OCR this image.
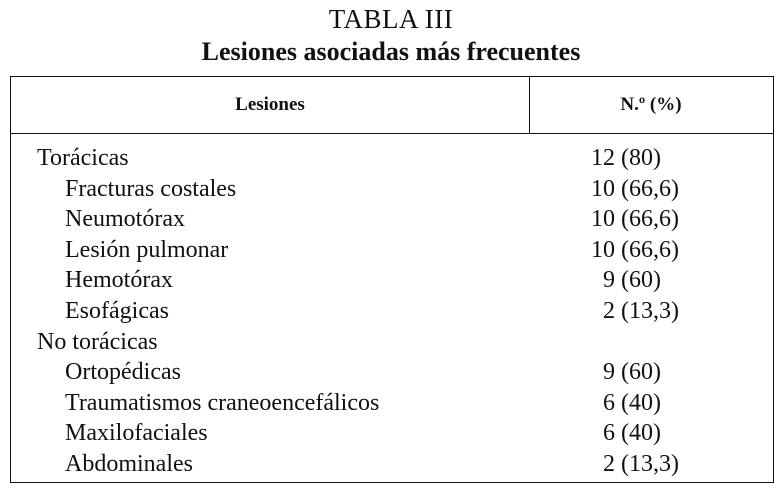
TABLA III
Lesiones asociadas más frecuentes
Lesiones	N.º (%)
Torácicas	12 (80)
Fracturas costales	10 (66,6)
Neumotórax	10 (66,6)
Lesión pulmonar	10 (66,6)
Hemotórax	9 (60)
Esofágicas	2 (13,3)
No torácicas
Ortopédicas	9 (60)
Traumatismos craneoencefálicos	6 (40)
Maxilofaciales	6 (40)
Abdominales	2 (13,3)
